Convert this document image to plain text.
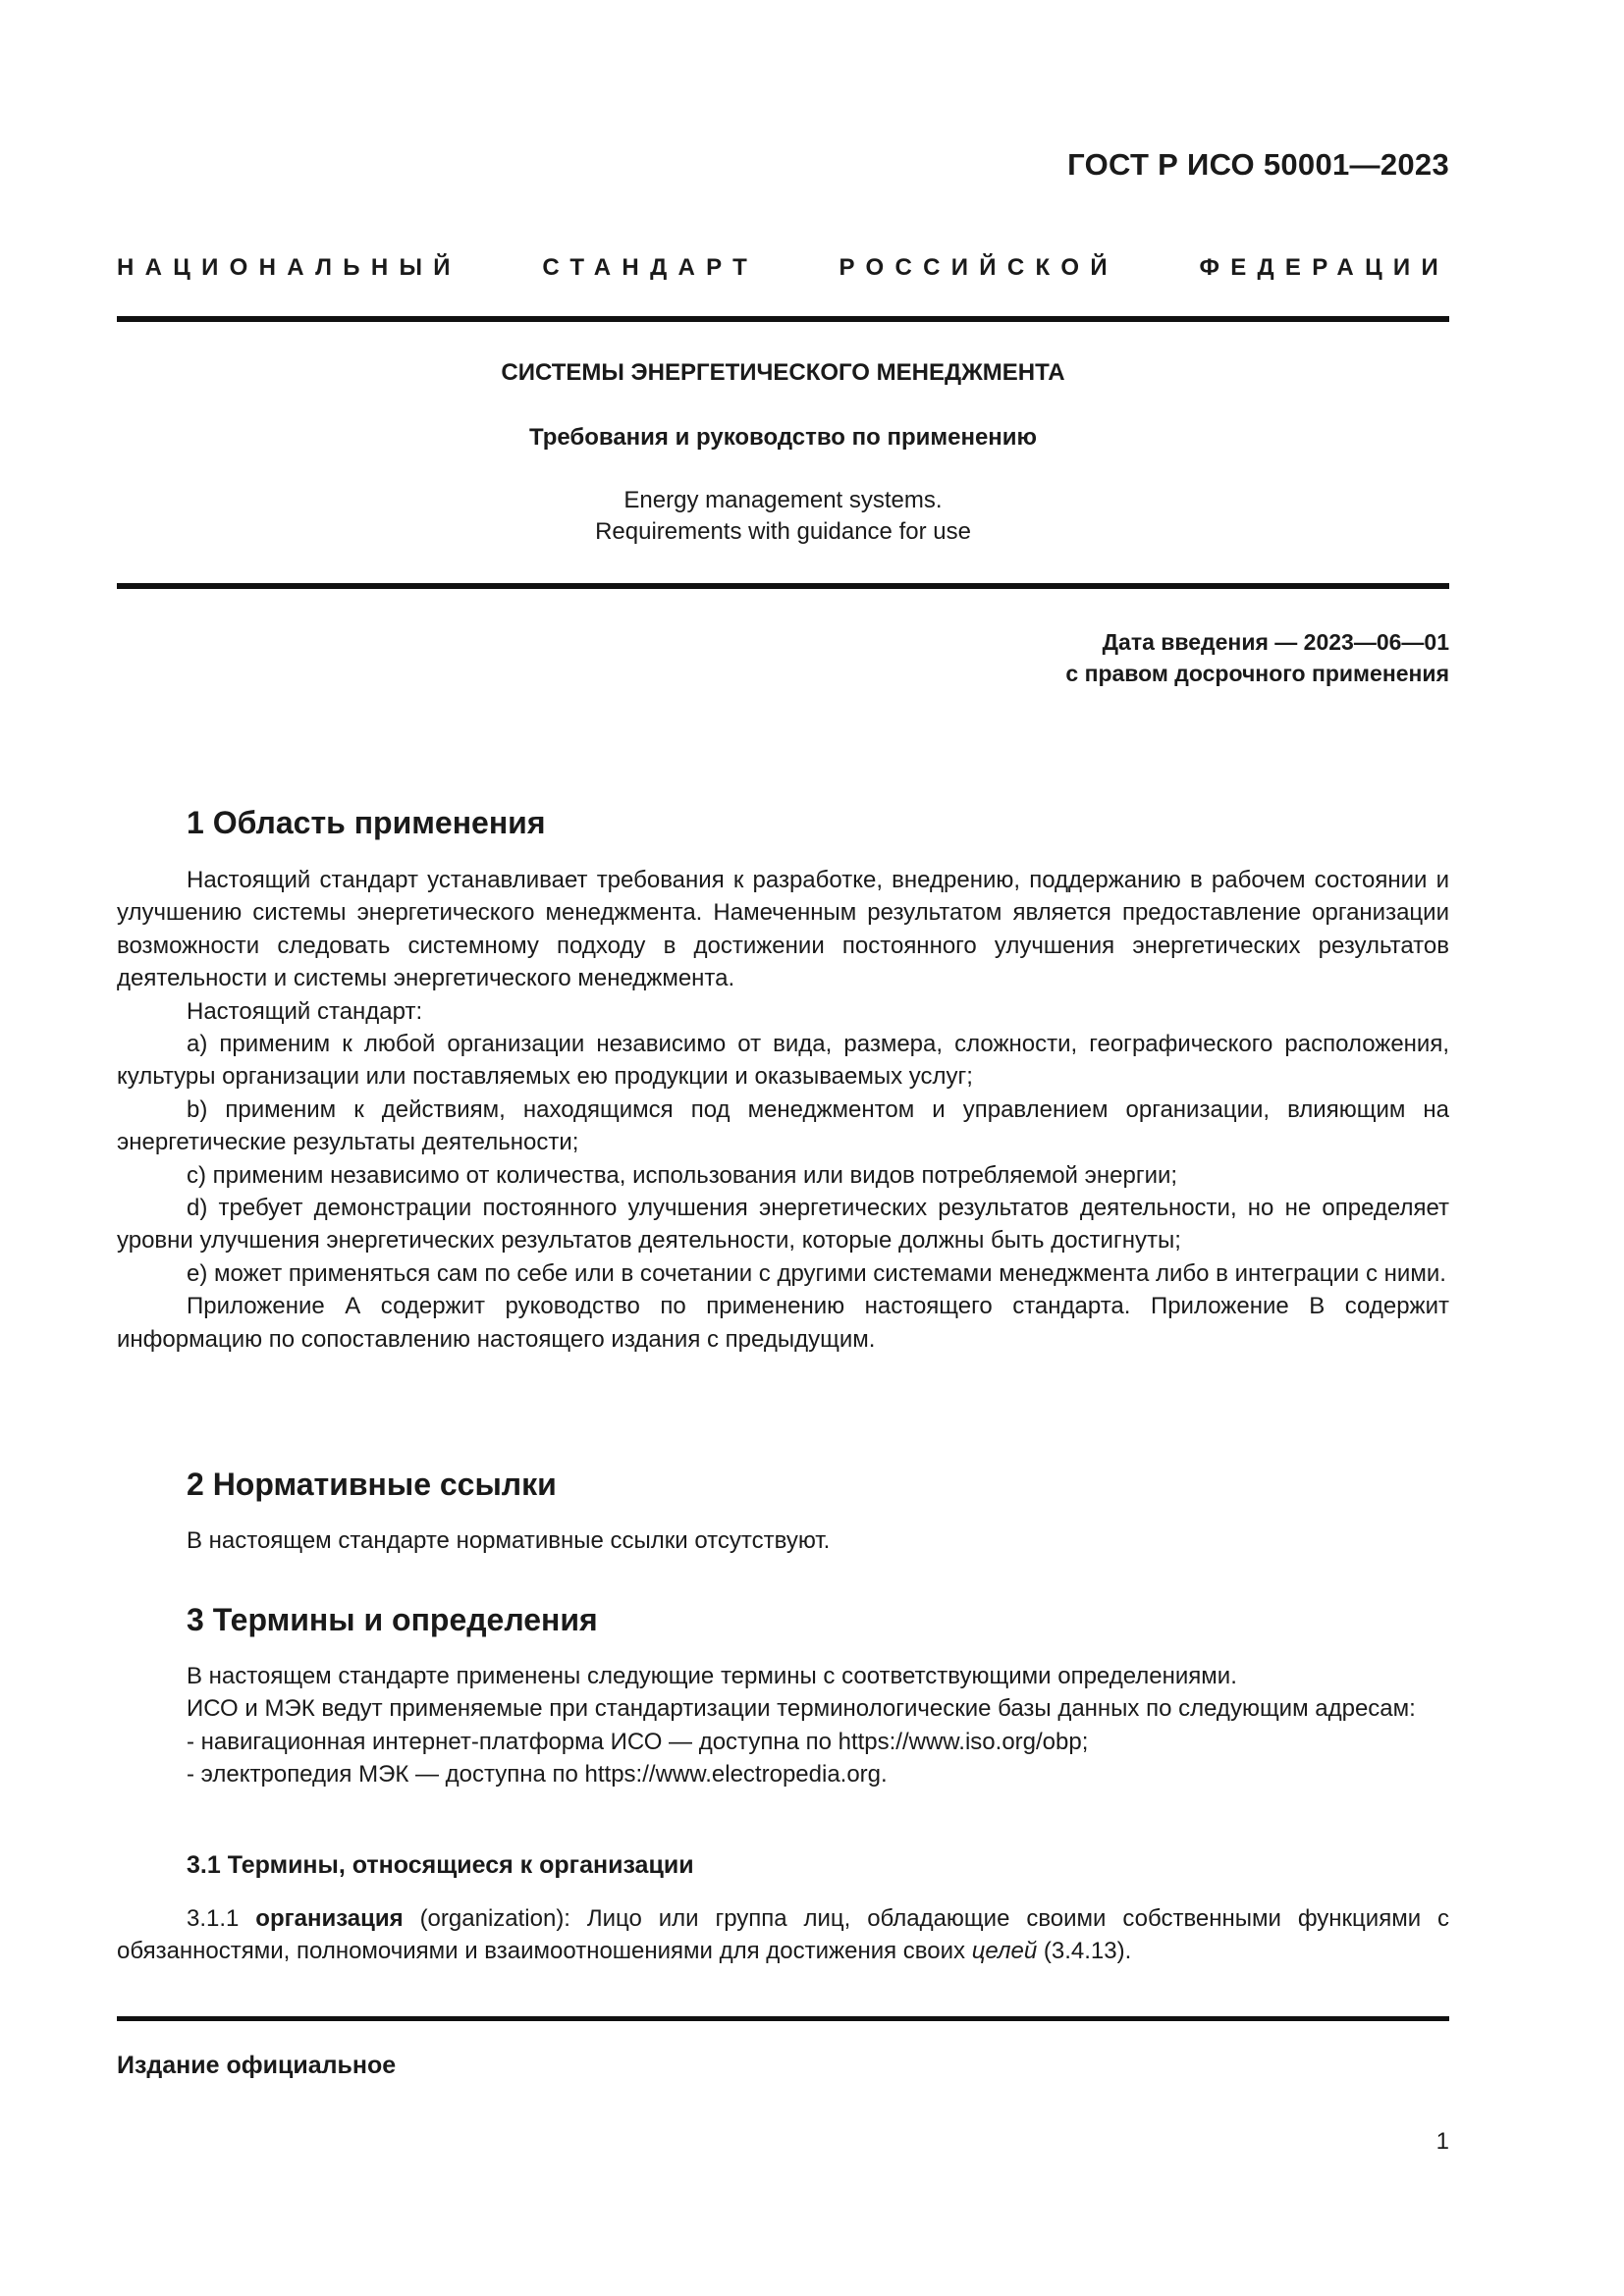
ГОСТ Р ИСО 50001—2023
НАЦИОНАЛЬНЫЙ СТАНДАРТ РОССИЙСКОЙ ФЕДЕРАЦИИ
СИСТЕМЫ ЭНЕРГЕТИЧЕСКОГО МЕНЕДЖМЕНТА
Требования и руководство по применению
Energy management systems.
Requirements with guidance for use
Дата введения — 2023—06—01
с правом досрочного применения
1 Область применения

Настоящий стандарт устанавливает требования к разработке, внедрению, поддержанию в рабочем состоянии и улучшению системы энергетического менеджмента. Намеченным результатом является предоставление организации возможности следовать системному подходу в достижении постоянного улучшения энергетических результатов деятельности и системы энергетического менеджмента.

Настоящий стандарт:

a) применим к любой организации независимо от вида, размера, сложности, географического расположения, культуры организации или поставляемых ею продукции и оказываемых услуг;

b) применим к действиям, находящимся под менеджментом и управлением организации, влияющим на энергетические результаты деятельности;

c) применим независимо от количества, использования или видов потребляемой энергии;

d) требует демонстрации постоянного улучшения энергетических результатов деятельности, но не определяет уровни улучшения энергетических результатов деятельности, которые должны быть достигнуты;

e) может применяться сам по себе или в сочетании с другими системами менеджмента либо в интеграции с ними.

Приложение А содержит руководство по применению настоящего стандарта. Приложение В содержит информацию по сопоставлению настоящего издания с предыдущим.

2 Нормативные ссылки

В настоящем стандарте нормативные ссылки отсутствуют.

3 Термины и определения

В настоящем стандарте применены следующие термины с соответствующими определениями.

ИСО и МЭК ведут применяемые при стандартизации терминологические базы данных по следующим адресам:

- навигационная интернет-платформа ИСО — доступна по https://www.iso.org/obp;

- электропедия МЭК — доступна по https://www.electropedia.org.

3.1 Термины, относящиеся к организации

3.1.1 организация (organization): Лицо или группа лиц, обладающие своими собственными функциями с обязанностями, полномочиями и взаимоотношениями для достижения своих целей (3.4.13).

Издание официальное
1
